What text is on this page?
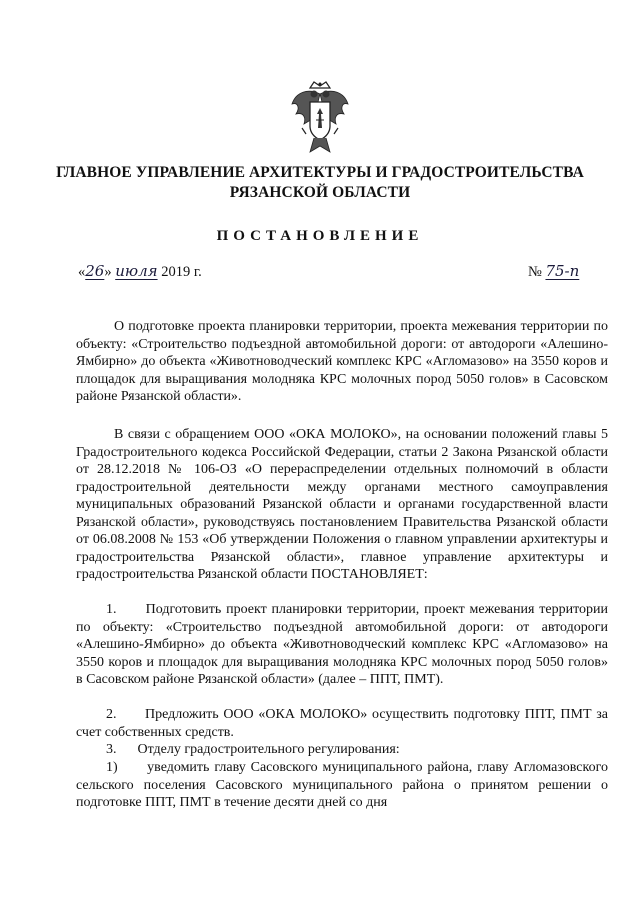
ГЛАВНОЕ УПРАВЛЕНИЕ АРХИТЕКТУРЫ И ГРАДОСТРОИТЕЛЬСТВА
РЯЗАНСКОЙ ОБЛАСТИ
ПОСТАНОВЛЕНИЕ
«26» июля 2019 г.	№ 75-п

О подготовке проекта планировки территории, проекта межевания территории по объекту: «Строительство подъездной автомобильной дороги: от автодороги «Алешино-Ямбирно» до объекта «Животноводческий комплекс КРС «Агломазово» на 3550 коров и площадок для выращивания молодняка КРС молочных пород 5050 голов» в Сасовском районе Рязанской области».

В связи с обращением ООО «ОКА МОЛОКО», на основании положений главы 5 Градостроительного кодекса Российской Федерации, статьи 2 Закона Рязанской области от 28.12.2018 № 106-ОЗ «О перераспределении отдельных полномочий в области градостроительной деятельности между органами местного самоуправления муниципальных образований Рязанской области и органами государственной власти Рязанской области», руководствуясь постановлением Правительства Рязанской области от 06.08.2008 № 153 «Об утверждении Положения о главном управлении архитектуры и градостроительства Рязанской области», главное управление архитектуры и градостроительства Рязанской области ПОСТАНОВЛЯЕТ:

1.      Подготовить проект планировки территории, проект межевания территории по объекту: «Строительство подъездной автомобильной дороги: от автодороги «Алешино-Ямбирно» до объекта «Животноводческий комплекс КРС «Агломазово» на 3550 коров и площадок для выращивания молодняка КРС молочных пород 5050 голов» в Сасовском районе Рязанской области» (далее – ППТ, ПМТ).

2.      Предложить ООО «ОКА МОЛОКО» осуществить подготовку ППТ, ПМТ за счет собственных средств.

3.      Отделу градостроительного регулирования:

1)      уведомить главу Сасовского муниципального района, главу Агломазовского сельского поселения Сасовского муниципального района о принятом решении о подготовке ППТ, ПМТ в течение десяти дней со дня
